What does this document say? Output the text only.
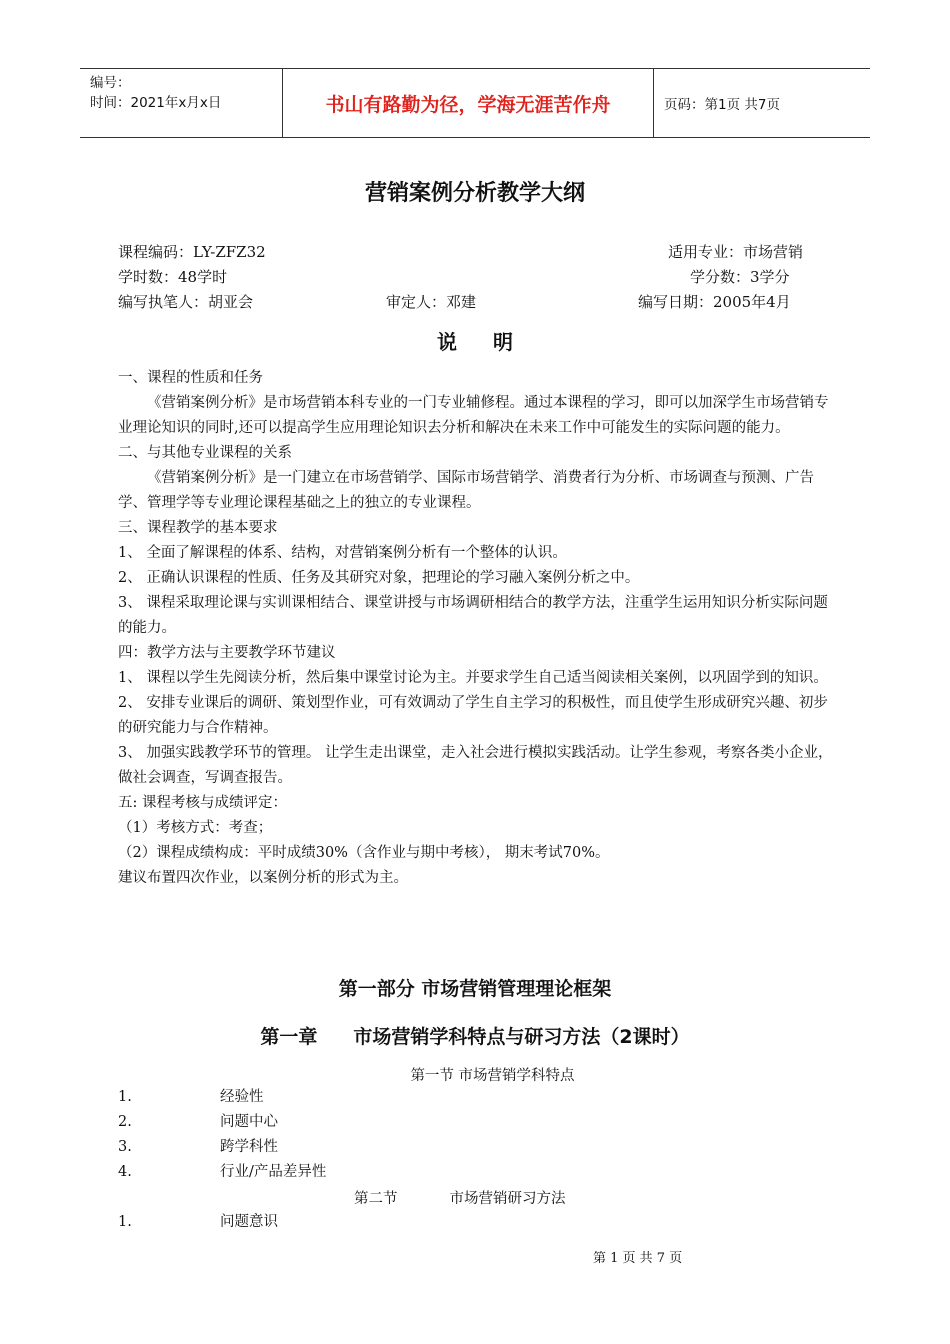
编号：
时间：2021年x月x日	书山有路勤为径，学海无涯苦作舟	页码：第1页 共7页
营销案例分析教学大纲
课程编码：LY-ZFZ32	适用专业：市场营销
学时数：48学时	学分数：3学分
编写执笔人：胡亚会	审定人：邓建	编写日期：2005年4月
说明

一、课程的性质和任务

《营销案例分析》是市场营销本科专业的一门专业辅修程。通过本课程的学习，即可以加深学生市场营销专业理论知识的同时,还可以提高学生应用理论知识去分析和解决在未来工作中可能发生的实际问题的能力。

二、与其他专业课程的关系

《营销案例分析》是一门建立在市场营销学、国际市场营销学、消费者行为分析、市场调查与预测、广告学、管理学等专业理论课程基础之上的独立的专业课程。

三、课程教学的基本要求

1、 全面了解课程的体系、结构，对营销案例分析有一个整体的认识。

2、 正确认识课程的性质、任务及其研究对象，把理论的学习融入案例分析之中。

3、 课程采取理论课与实训课相结合、课堂讲授与市场调研相结合的教学方法，注重学生运用知识分析实际问题的能力。

四：教学方法与主要教学环节建议

1、 课程以学生先阅读分析，然后集中课堂讨论为主。并要求学生自己适当阅读相关案例，以巩固学到的知识。

2、 安排专业课后的调研、策划型作业，可有效调动了学生自主学习的积极性，而且使学生形成研究兴趣、初步的研究能力与合作精神。

3、 加强实践教学环节的管理。 让学生走出课堂，走入社会进行模拟实践活动。让学生参观，考察各类小企业，做社会调查，写调查报告。

五: 课程考核与成绩评定：

（1）考核方式：考查；

（2）课程成绩构成：平时成绩30%（含作业与期中考核）， 期末考试70%。

建议布置四次作业，以案例分析的形式为主。

第一部分 市场营销管理理论框架
第一章 市场营销学科特点与研习方法（2课时）
第一节 市场营销学科特点
1.	经验性
2.	问题中心
3.	跨学科性
4.	行业/产品差异性
第二节	市场营销研习方法
1.	问题意识
第 1 页 共 7 页
